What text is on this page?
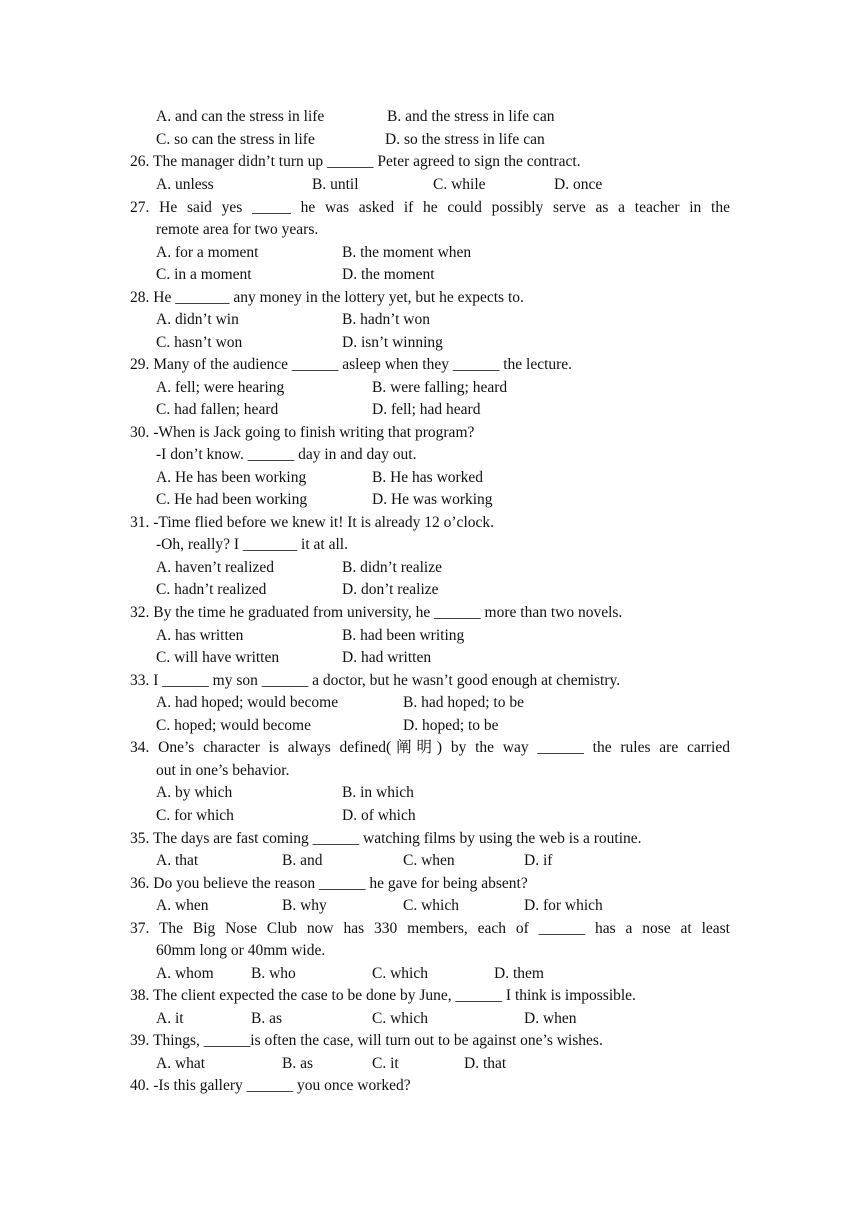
A. and can the stress in life	B. and the stress in life can
C. so can the stress in life	D. so the stress in life can
26. The manager didn’t turn up ______ Peter agreed to sign the contract.
A. unless	B. until	C. while	D. once
27. He said yes _____ he was asked if he could possibly serve as a teacher in the
remote area for two years.
A. for a moment	B. the moment when
C. in a moment	D. the moment
28. He _______ any money in the lottery yet, but he expects to.
A. didn’t win	B. hadn’t won
C. hasn’t won	D. isn’t winning
29. Many of the audience ______ asleep when they ______ the lecture.
A. fell; were hearing	B. were falling; heard
C. had fallen; heard	D. fell; had heard
30. -When is Jack going to finish writing that program?
-I don’t know. ______ day in and day out.
A. He has been working	B. He has worked
C. He had been working	D. He was working
31. -Time flied before we knew it! It is already 12 o’clock.
-Oh, really? I _______ it at all.
A. haven’t realized	B. didn’t realize
C. hadn’t realized	D. don’t realize
32. By the time he graduated from university, he ______ more than two novels.
A. has written	B. had been writing
C. will have written	D. had written
33. I ______ my son ______ a doctor, but he wasn’t good enough at chemistry.
A. had hoped; would become	B. had hoped; to be
C. hoped; would become	D. hoped; to be
34. One’s character is always defined(阐明) by the way ______ the rules are carried
out in one’s behavior.
A. by which	B. in which
C. for which	D. of which
35. The days are fast coming ______ watching films by using the web is a routine.
A. that	B. and	C. when	D. if
36. Do you believe the reason ______ he gave for being absent?
A. when	B. why	C. which	D. for which
37. The Big Nose Club now has 330 members, each of ______ has a nose at least
60mm long or 40mm wide.
A. whom B. who	C. which	D. them
38. The client expected the case to be done by June, ______ I think is impossible.
A. it	B. as	C. which	D. when
39. Things, ______is often the case, will turn out to be against one’s wishes.
A. what	B. as	C. it	D. that
40. -Is this gallery ______ you once worked?
